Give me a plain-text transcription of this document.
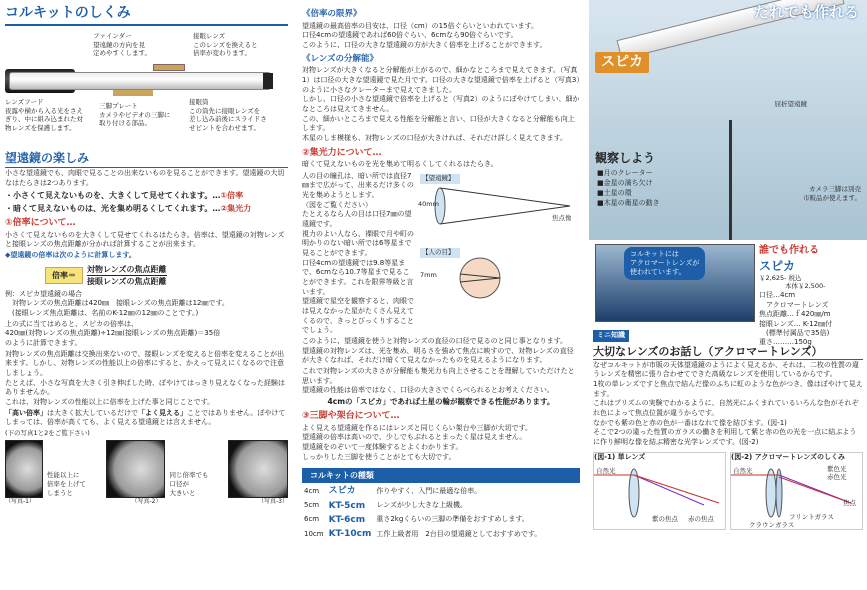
コルキットのしくみ
ファインダー
望遠鏡の方向を見
定めやすくします。
接眼レンズ
このレンズを換えると
倍率が変わります。
レンズフード
夜露や横から入る光をさえ
ぎり、中に組み込まれた対
物レンズを保護します。
三脚プレート
カメラやビデオの三脚に
取り付ける部品。
接眼筒
この筒先に接眼レンズを
差し込み前後にスライドさ
せピントを合わせます。
望遠鏡の楽しみ
小さな望遠鏡でも、肉眼で見ることの出来ないものを見ることができます。望遠鏡の大切なはたらきは2つあります。
・小さくて見えないものを、大きくして見せてくれます。…①倍率
・暗くて見えないものは、光を集め明るくしてくれます。…②集光力
①倍率について…
小さくて見えないものを大きくして見せてくれるはたらき。倍率は、望遠鏡の対物レンズと接眼レンズの焦点距離が分かれば計算することが出来ます。
◆望遠鏡の倍率は次のように計算します。
倍率＝	$\frac{\text{対物レンズの焦点距離}}{\text{接眼レンズの焦点距離}}$
例：スピカ望遠鏡の場合
　対物レンズの焦点距離は420㎜　接眼レンズの焦点距離は12㎜です。
　(接眼レンズ焦点距離は、名前のK-12㎜の12㎜のことです。)
上の式に当てはめると、スピカの倍率は、
420㎜(対物レンズの焦点距離)÷12㎜(接眼レンズの焦点距離)＝35倍
のように計算できます。
対物レンズの焦点距離は交換出来ないので、接眼レンズを変えると倍率を変えることが出来ます。しかし、対物レンズの性能以上の倍率にすると、かえって見えにくなるので注意しましょう。
たとえば、小さな写真を大きく引き伸ばした時、ぼやけてはっきり見えなくなった経験はありませんか。
これは、対物レンズの性能以上に倍率を上げた事と同じことです。
「高い倍率」は大きく拡大しているだけで「よく見える」ことではありません。ぼやけてしまっては、倍率が高くても、よく見える望遠鏡とは言えません。
(下の写真1と2をご覧下さい)
性能以上に
倍率を上げて
しまうと
同じ倍率でも
口径が
大きいと
（写真-1）	（写真-2）	（写真-3）
《倍率の限界》
望遠鏡の最高倍率の目安は、口径（cm）の15倍ぐらいといわれています。
口径4cmの望遠鏡であれば60倍ぐらい、6cmなら90倍ぐらいです。
このように、口径の大きな望遠鏡の方が大きく倍率を上げることができます。
《レンズの分解能》
対物レンズが大きくなると分解能が上がるので、細かなところまで見えてきます。（写真1）は口径の大きな望遠鏡で見た月です。口径の大きな望遠鏡で倍率を上げると（写真3）のように小さなクレーターまで見えてきました。
しかし、口径の小さな望遠鏡で倍率を上げると（写真2）のようにぼやけてしまい、細かなところは見えてきません。
この、細かいところまで見える性能を分解能と言い、口径が大きくなると分解能も向上します。
木星のしま模様も、対物レンズの口径が大きければ、それだけ詳しく見えてきます。
②集光力について…
暗くて見えないものを光を集めて明るくしてくれるはたらき。
人の目の瞳孔は、暗い所では直径7㎜まで広がって、出来るだけ多くの光を集めようとします。
（図をご覧ください）
たとえるなら人の目は口径7㎜の望遠鏡です。
視力のよい人なら、裸眼で月や町の明かりのない暗い所では6等星まで見ることができます。
口径4cmの望遠鏡では9.8等星まで、6cmなら10.7等星まで見ることができます。これを限界等級と言います。
望遠鏡で星空を観察すると、肉眼では見えなかった星がたくさん見えてくるので、きっとびっくりすることでしょう。
【望遠鏡】
40mm
焦点像
【人の目】
7mm
このように、望遠鏡を使うと対物レンズの直径の口径で見るのと同じ事となります。
望遠鏡の対物レンズは、光を集め、明るさを強めて焦点に映すので、対物レンズの直径が大きくなれば、それだけ暗くて見えなかったものを見えるようになります。
これで対物レンズの大きさが分解能も集光力も向上させることを理解していただけたと思います。
望遠鏡の性能は倍率ではなく、口径の大きさでくらべられるとお考えください。
4cmの「スピカ」であれば土星の輪が観察できる性能があります。
③三脚や架台について…
よく見える望遠鏡を作るにはレンズと同じくらい架台や三脚が大切です。
望遠鏡の倍率は高いので、少しでもぶれるとまったく星は見えません。
望遠鏡をのぞいて一度体験するとよくわかります。
しっかりした三脚を使うことがとても大切です。
コルキットの種類
4cm	スピカ	作りやすく、入門に最適な倍率。
5cm	KT-5cm	レンズが少し大きな上級機。
6cm	KT-6cm	重さ2kgくらいの三脚の準備をおすすめします。
10cm	KT-10cm	工作上級者用　2台目の望遠鏡としておすすめです。
だれでも作れる
スピカ
屈折望遠鏡
観察しよう
■月のクレーター
■金星の満ち欠け
■土星の環
■木星の衛星の動き
カメラ三脚は別売
市販品が使えます。
コルキットには
アクロマートレンズが
使われています。
誰でも作れる
スピカ
￥2,625- 税込
　　　　本体￥2,500-
口径…4cm
　アクロマートレンズ
焦点距離…ｆ420㎜/m
接眼レンズ… K-12㎜付
　(標準付属品で35倍)
重さ………150g
ミニ知識
大切なレンズのお話し（アクロマートレンズ）
なぜコルキットが市販の天体望遠鏡のようによく見えるか、それは、二枚の性質の違うレンズを精密に張り合わせてできた高級なレンズを使用しているからです。
1枚の単レンズですと焦点で結んだ像のふちに虹のような色がつき、像はぼやけて見えます。
これはプリズムの実験でわかるように、自然光にふくまれているいろんな色がそれぞれ色によって焦点位置が違うからです。
なかでも紫の色と赤の色が一番はなれて像を結びます。(図-1)
そこで2つの違った性質のガラスの働きを利用して紫と赤の色の光を一点に結ぶように作り鮮明な像を結ぶ精密な光学レンズです。(図-2)
(図-1) 単レンズ
自然光
紫の焦点 赤の焦点
(図-2) アクロマートレンズのしくみ
自然光	紫色光
赤色光
焦点
フリントガラス
クラウンガラス
